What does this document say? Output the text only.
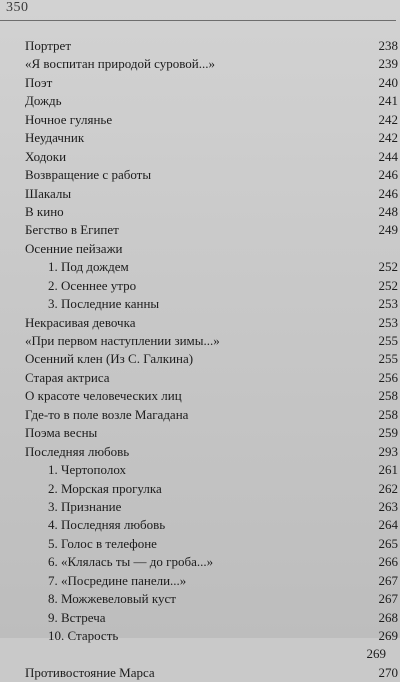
350
Портрет	238
«Я воспитан природой суровой...»	239
Поэт	240
Дождь	241
Ночное гулянье	242
Неудачник	242
Ходоки	244
Возвращение с работы	246
Шакалы	246
В кино	248
Бегство в Египет	249
Осенние пейзажи
1. Под дождем	252
2. Осеннее утро	252
3. Последние канны	253
Некрасивая девочка	253
«При первом наступлении зимы...»	255
Осенний клен (Из С. Галкина)	255
Старая актриса	256
О красоте человеческих лиц	258
Где-то в поле возле Магадана	258
Поэма весны	259
Последняя любовь	293
1. Чертополох	261
2. Морская прогулка	262
3. Признание	263
4. Последняя любовь	264
5. Голос в телефоне	265
6. «Клялась ты — до гроба...»	266
7. «Посредине панели...»	267
8. Можжевеловый куст	267
9. Встреча	268
10. Старость	269
269
Противостояние Марса	270
